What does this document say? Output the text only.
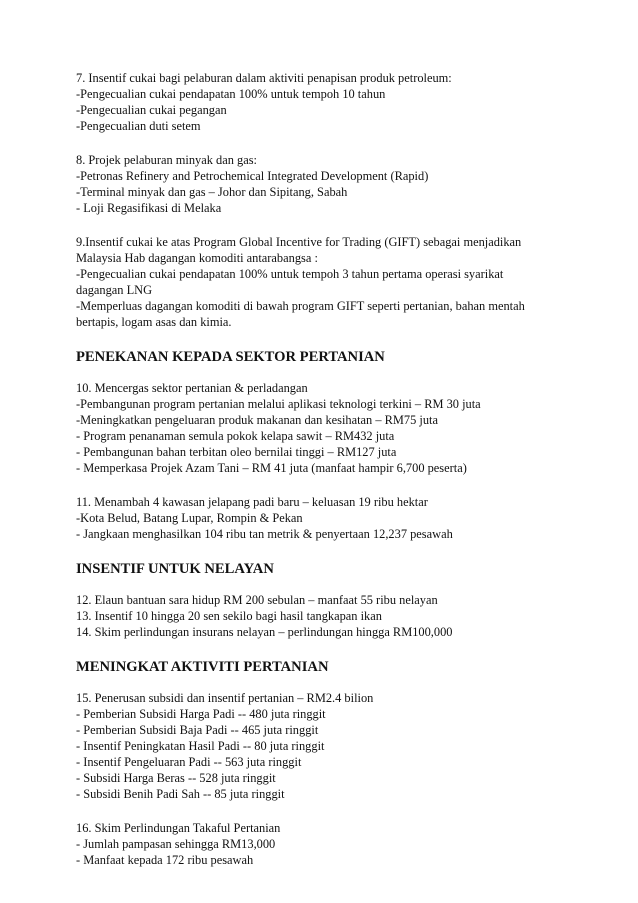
7. Insentif cukai bagi pelaburan dalam aktiviti penapisan produk petroleum:
-Pengecualian cukai pendapatan 100% untuk tempoh 10 tahun
-Pengecualian cukai pegangan
-Pengecualian duti setem
8. Projek pelaburan minyak dan gas:
-Petronas Refinery and Petrochemical Integrated Development (Rapid)
-Terminal minyak dan gas – Johor dan Sipitang, Sabah
- Loji Regasifikasi di Melaka
9.Insentif cukai ke atas Program Global Incentive for Trading (GIFT) sebagai menjadikan
Malaysia Hab dagangan komoditi antarabangsa :
-Pengecualian cukai pendapatan 100% untuk tempoh 3 tahun pertama operasi syarikat
dagangan LNG
-Memperluas dagangan komoditi di bawah program GIFT seperti pertanian, bahan mentah
bertapis, logam asas dan kimia.
PENEKANAN KEPADA SEKTOR PERTANIAN
10. Mencergas sektor pertanian & perladangan
-Pembangunan program pertanian melalui aplikasi teknologi terkini – RM 30 juta
-Meningkatkan pengeluaran produk makanan dan kesihatan – RM75 juta
- Program penanaman semula pokok kelapa sawit – RM432 juta
- Pembangunan bahan terbitan oleo bernilai tinggi – RM127 juta
- Memperkasa Projek Azam Tani – RM 41 juta (manfaat hampir 6,700 peserta)
11. Menambah 4 kawasan jelapang padi baru – keluasan 19 ribu hektar
-Kota Belud, Batang Lupar, Rompin & Pekan
- Jangkaan menghasilkan 104 ribu tan metrik & penyertaan 12,237 pesawah
INSENTIF UNTUK NELAYAN
12. Elaun bantuan sara hidup RM 200 sebulan – manfaat 55 ribu nelayan
13. Insentif 10 hingga 20 sen sekilo bagi hasil tangkapan ikan
14. Skim perlindungan insurans nelayan – perlindungan hingga RM100,000
MENINGKAT AKTIVITI PERTANIAN
15. Penerusan subsidi dan insentif pertanian – RM2.4 bilion
- Pemberian Subsidi Harga Padi -- 480 juta ringgit
- Pemberian Subsidi Baja Padi -- 465 juta ringgit
- Insentif Peningkatan Hasil Padi -- 80 juta ringgit
- Insentif Pengeluaran Padi -- 563 juta ringgit
- Subsidi Harga Beras -- 528 juta ringgit
- Subsidi Benih Padi Sah -- 85 juta ringgit
16. Skim Perlindungan Takaful Pertanian
- Jumlah pampasan sehingga RM13,000
- Manfaat kepada 172 ribu pesawah
